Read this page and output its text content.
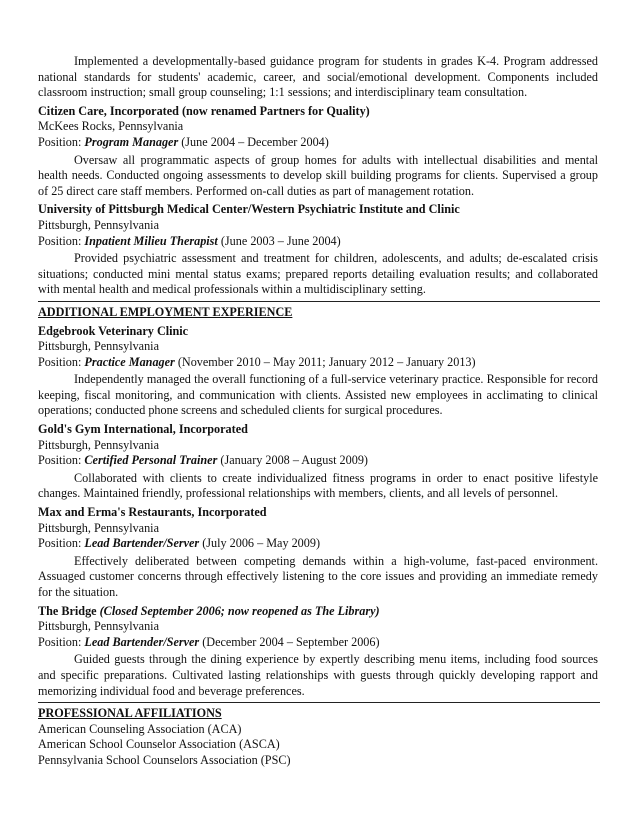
Implemented a developmentally-based guidance program for students in grades K-4. Program addressed national standards for students' academic, career, and social/emotional development. Components included classroom instruction; small group counseling; 1:1 sessions; and interdisciplinary team consultation.

Citizen Care, Incorporated (now renamed Partners for Quality)
McKees Rocks, Pennsylvania
Position: Program Manager (June 2004 – December 2004)

Oversaw all programmatic aspects of group homes for adults with intellectual disabilities and mental health needs. Conducted ongoing assessments to develop skill building programs for clients. Supervised a group of 25 direct care staff members. Performed on-call duties as part of management rotation.

University of Pittsburgh Medical Center/Western Psychiatric Institute and Clinic
Pittsburgh, Pennsylvania
Position: Inpatient Milieu Therapist (June 2003 – June 2004)

Provided psychiatric assessment and treatment for children, adolescents, and adults; de-escalated crisis situations; conducted mini mental status exams; prepared reports detailing evaluation results; and collaborated with mental health and medical professionals within a multidisciplinary setting.

ADDITIONAL EMPLOYMENT EXPERIENCE
Edgebrook Veterinary Clinic
Pittsburgh, Pennsylvania
Position: Practice Manager (November 2010 – May 2011; January 2012 – January 2013)

Independently managed the overall functioning of a full-service veterinary practice. Responsible for record keeping, fiscal monitoring, and communication with clients. Assisted new employees in acclimating to clinical operations; conducted phone screens and scheduled clients for surgical procedures.

Gold's Gym International, Incorporated
Pittsburgh, Pennsylvania
Position: Certified Personal Trainer (January 2008 – August 2009)

Collaborated with clients to create individualized fitness programs in order to enact positive lifestyle changes. Maintained friendly, professional relationships with members, clients, and all levels of personnel.

Max and Erma's Restaurants, Incorporated
Pittsburgh, Pennsylvania
Position: Lead Bartender/Server (July 2006 – May 2009)

Effectively deliberated between competing demands within a high-volume, fast-paced environment. Assuaged customer concerns through effectively listening to the core issues and providing an immediate remedy for the situation.

The Bridge (Closed September 2006; now reopened as The Library)
Pittsburgh, Pennsylvania
Position: Lead Bartender/Server (December 2004 – September 2006)

Guided guests through the dining experience by expertly describing menu items, including food sources and specific preparations. Cultivated lasting relationships with guests through quickly developing rapport and memorizing individual food and beverage preferences.

PROFESSIONAL AFFILIATIONS
American Counseling Association (ACA)
American School Counselor Association (ASCA)
Pennsylvania School Counselors Association (PSC)
